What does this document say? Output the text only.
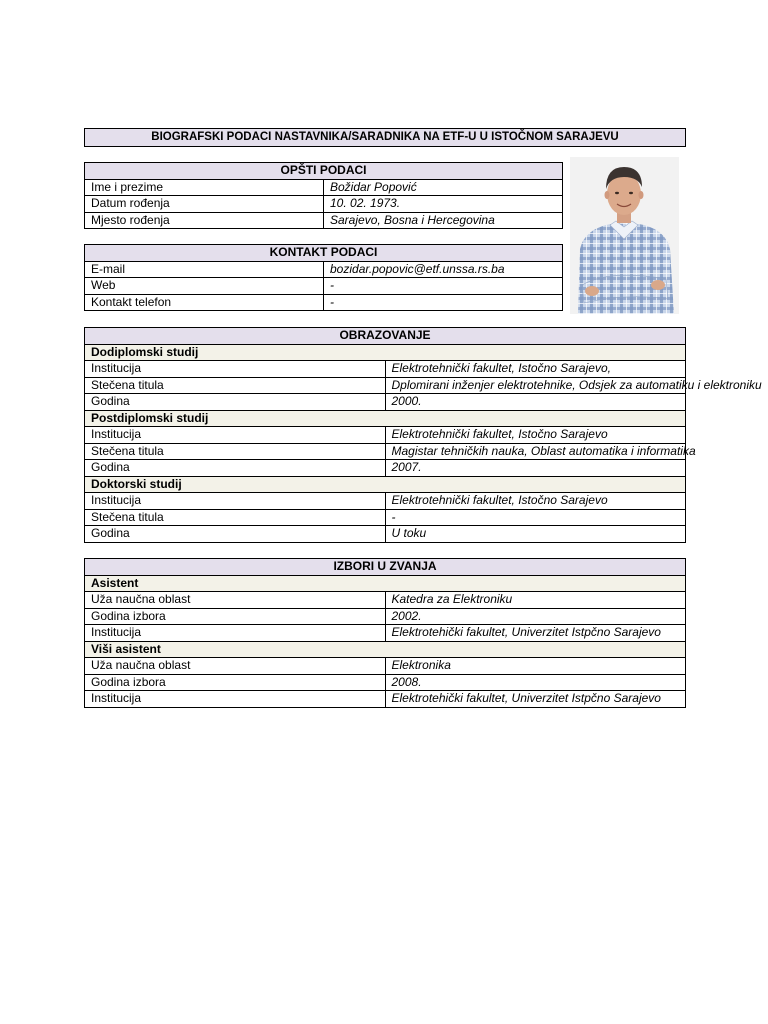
BIOGRAFSKI PODACI NASTAVNIKA/SARADNIKA NA ETF-U U ISTOČNOM SARAJEVU
OPŠTI PODACI	
Ime i prezime	Božidar Popović
Datum rođenja	10. 02. 1973.
Mjesto rođenja	Sarajevo, Bosna i Hercegovina
KONTAKT PODACI	
E-mail	bozidar.popovic@etf.unssa.rs.ba
Web	-
Kontakt telefon	-
OBRAZOVANJE	
Dodiplomski studij	
Institucija	Elektrotehnički fakultet, Istočno Sarajevo,
Stečena titula	Dplomirani inženjer elektrotehnike, Odsjek za automatiku i elektroniku
Godina	2000.
Postdiplomski studij	
Institucija	Elektrotehnički fakultet, Istočno Sarajevo
Stečena titula	Magistar tehničkih nauka, Oblast automatika i informatika
Godina	2007.
Doktorski studij	
Institucija	Elektrotehnički fakultet, Istočno Sarajevo
Stečena titula	-
Godina	U toku
IZBORI U ZVANJA	
Asistent	
Uža naučna oblast	Katedra za Elektroniku
Godina izbora	2002.
Institucija	Elektrotehički fakultet, Univerzitet Istpčno Sarajevo
Viši asistent	
Uža naučna oblast	Elektronika
Godina izbora	2008.
Institucija	Elektrotehički fakultet, Univerzitet Istpčno Sarajevo
